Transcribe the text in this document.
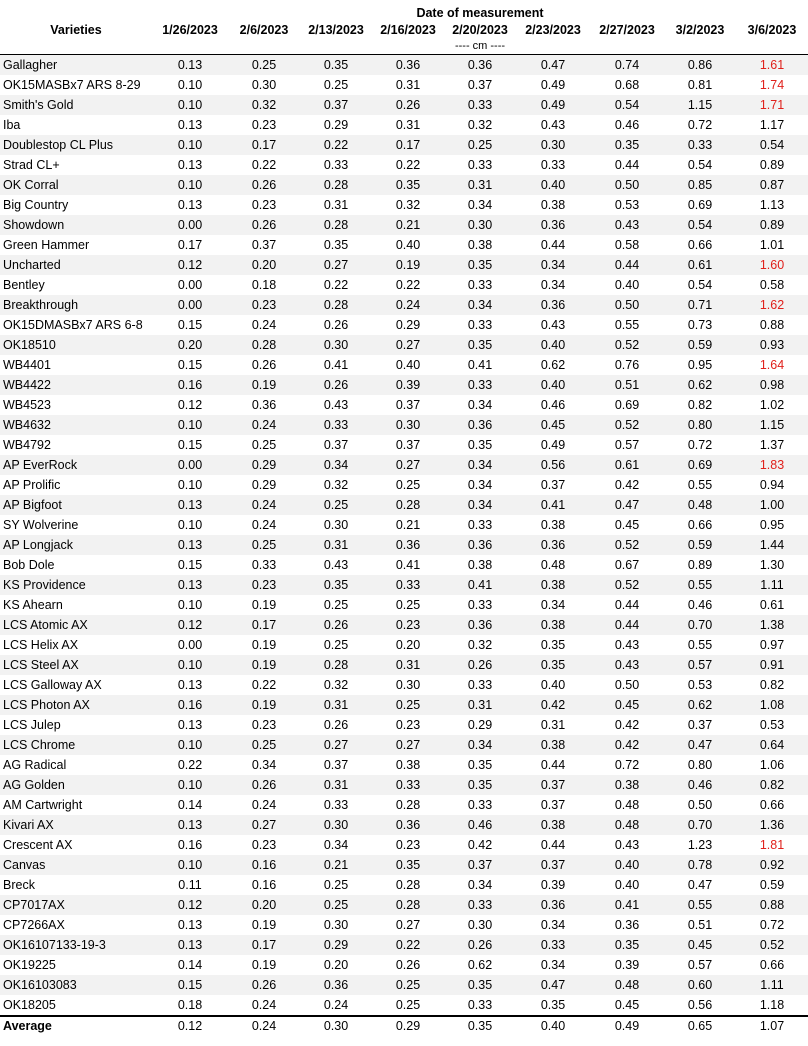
	Date of measurement								
Varieties	1/26/2023	2/6/2023	2/13/2023	2/16/2023	2/20/2023	2/23/2023	2/27/2023	3/2/2023	3/6/2023
	---- cm ----								
Gallagher	0.13	0.25	0.35	0.36	0.36	0.47	0.74	0.86	1.61
OK15MASBx7 ARS 8-29	0.10	0.30	0.25	0.31	0.37	0.49	0.68	0.81	1.74
Smith's Gold	0.10	0.32	0.37	0.26	0.33	0.49	0.54	1.15	1.71
Iba	0.13	0.23	0.29	0.31	0.32	0.43	0.46	0.72	1.17
Doublestop CL Plus	0.10	0.17	0.22	0.17	0.25	0.30	0.35	0.33	0.54
Strad CL+	0.13	0.22	0.33	0.22	0.33	0.33	0.44	0.54	0.89
OK Corral	0.10	0.26	0.28	0.35	0.31	0.40	0.50	0.85	0.87
Big Country	0.13	0.23	0.31	0.32	0.34	0.38	0.53	0.69	1.13
Showdown	0.00	0.26	0.28	0.21	0.30	0.36	0.43	0.54	0.89
Green Hammer	0.17	0.37	0.35	0.40	0.38	0.44	0.58	0.66	1.01
Uncharted	0.12	0.20	0.27	0.19	0.35	0.34	0.44	0.61	1.60
Bentley	0.00	0.18	0.22	0.22	0.33	0.34	0.40	0.54	0.58
Breakthrough	0.00	0.23	0.28	0.24	0.34	0.36	0.50	0.71	1.62
OK15DMASBx7 ARS 6-8	0.15	0.24	0.26	0.29	0.33	0.43	0.55	0.73	0.88
OK18510	0.20	0.28	0.30	0.27	0.35	0.40	0.52	0.59	0.93
WB4401	0.15	0.26	0.41	0.40	0.41	0.62	0.76	0.95	1.64
WB4422	0.16	0.19	0.26	0.39	0.33	0.40	0.51	0.62	0.98
WB4523	0.12	0.36	0.43	0.37	0.34	0.46	0.69	0.82	1.02
WB4632	0.10	0.24	0.33	0.30	0.36	0.45	0.52	0.80	1.15
WB4792	0.15	0.25	0.37	0.37	0.35	0.49	0.57	0.72	1.37
AP EverRock	0.00	0.29	0.34	0.27	0.34	0.56	0.61	0.69	1.83
AP Prolific	0.10	0.29	0.32	0.25	0.34	0.37	0.42	0.55	0.94
AP Bigfoot	0.13	0.24	0.25	0.28	0.34	0.41	0.47	0.48	1.00
SY Wolverine	0.10	0.24	0.30	0.21	0.33	0.38	0.45	0.66	0.95
AP Longjack	0.13	0.25	0.31	0.36	0.36	0.36	0.52	0.59	1.44
Bob Dole	0.15	0.33	0.43	0.41	0.38	0.48	0.67	0.89	1.30
KS Providence	0.13	0.23	0.35	0.33	0.41	0.38	0.52	0.55	1.11
KS Ahearn	0.10	0.19	0.25	0.25	0.33	0.34	0.44	0.46	0.61
LCS Atomic AX	0.12	0.17	0.26	0.23	0.36	0.38	0.44	0.70	1.38
LCS Helix AX	0.00	0.19	0.25	0.20	0.32	0.35	0.43	0.55	0.97
LCS Steel AX	0.10	0.19	0.28	0.31	0.26	0.35	0.43	0.57	0.91
LCS Galloway AX	0.13	0.22	0.32	0.30	0.33	0.40	0.50	0.53	0.82
LCS Photon AX	0.16	0.19	0.31	0.25	0.31	0.42	0.45	0.62	1.08
LCS Julep	0.13	0.23	0.26	0.23	0.29	0.31	0.42	0.37	0.53
LCS Chrome	0.10	0.25	0.27	0.27	0.34	0.38	0.42	0.47	0.64
AG Radical	0.22	0.34	0.37	0.38	0.35	0.44	0.72	0.80	1.06
AG Golden	0.10	0.26	0.31	0.33	0.35	0.37	0.38	0.46	0.82
AM Cartwright	0.14	0.24	0.33	0.28	0.33	0.37	0.48	0.50	0.66
Kivari AX	0.13	0.27	0.30	0.36	0.46	0.38	0.48	0.70	1.36
Crescent AX	0.16	0.23	0.34	0.23	0.42	0.44	0.43	1.23	1.81
Canvas	0.10	0.16	0.21	0.35	0.37	0.37	0.40	0.78	0.92
Breck	0.11	0.16	0.25	0.28	0.34	0.39	0.40	0.47	0.59
CP7017AX	0.12	0.20	0.25	0.28	0.33	0.36	0.41	0.55	0.88
CP7266AX	0.13	0.19	0.30	0.27	0.30	0.34	0.36	0.51	0.72
OK16107133-19-3	0.13	0.17	0.29	0.22	0.26	0.33	0.35	0.45	0.52
OK19225	0.14	0.19	0.20	0.26	0.62	0.34	0.39	0.57	0.66
OK16103083	0.15	0.26	0.36	0.25	0.35	0.47	0.48	0.60	1.11
OK18205	0.18	0.24	0.24	0.25	0.33	0.35	0.45	0.56	1.18
Average	0.12	0.24	0.30	0.29	0.35	0.40	0.49	0.65	1.07
